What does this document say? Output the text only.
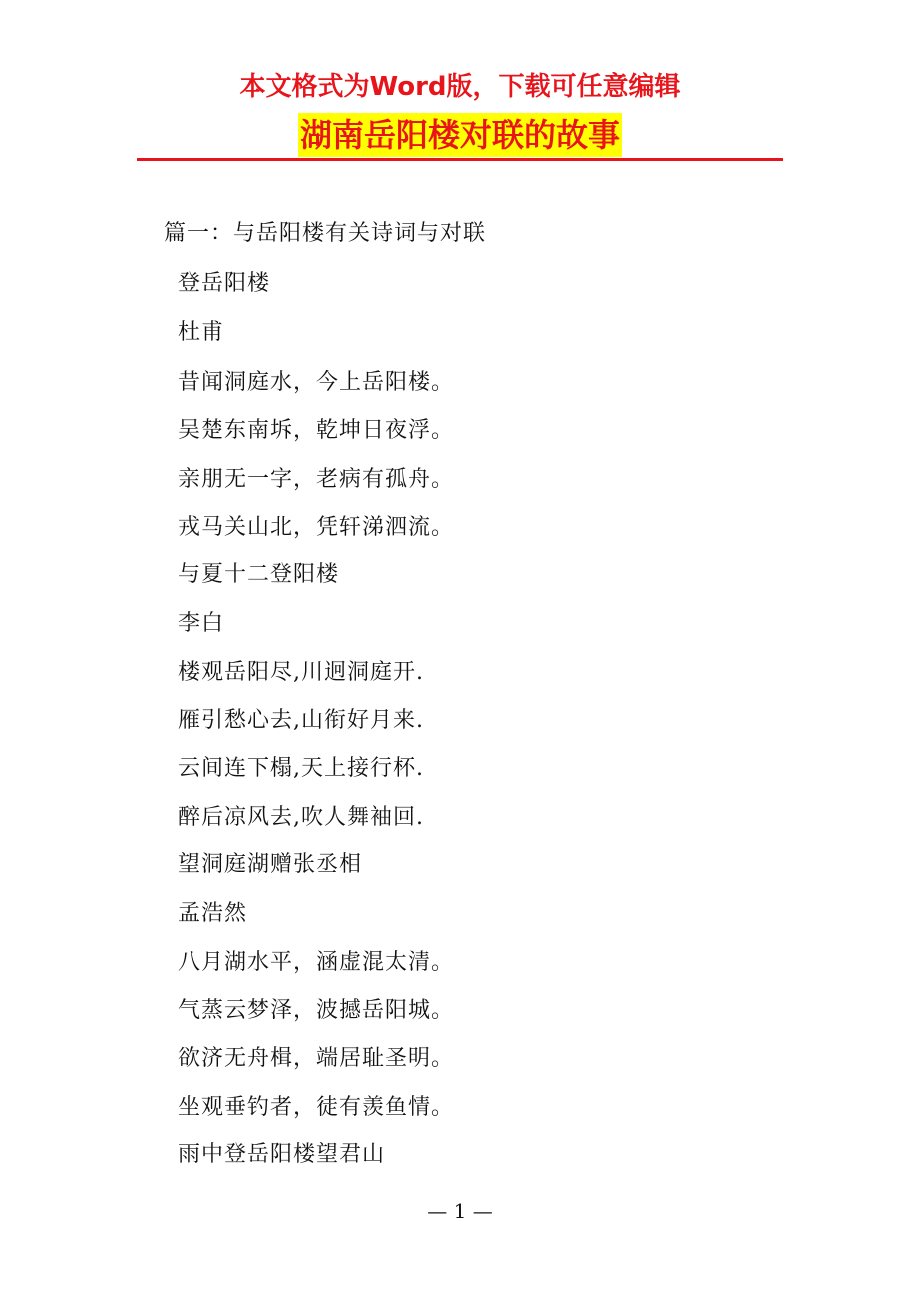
本文格式为Word版，下载可任意编辑
湖南岳阳楼对联的故事
篇一：与岳阳楼有关诗词与对联
登岳阳楼
杜甫
昔闻洞庭水，今上岳阳楼。
吴楚东南坼，乾坤日夜浮。
亲朋无一字，老病有孤舟。
戎马关山北，凭轩涕泗流。
与夏十二登阳楼
李白
楼观岳阳尽,川迥洞庭开.
雁引愁心去,山衔好月来.
云间连下榻,天上接行杯.
醉后凉风去,吹人舞袖回.
望洞庭湖赠张丞相
孟浩然
八月湖水平，涵虚混太清。
气蒸云梦泽，波撼岳阳城。
欲济无舟楫，端居耻圣明。
坐观垂钓者，徒有羡鱼情。
雨中登岳阳楼望君山
— 1 —
